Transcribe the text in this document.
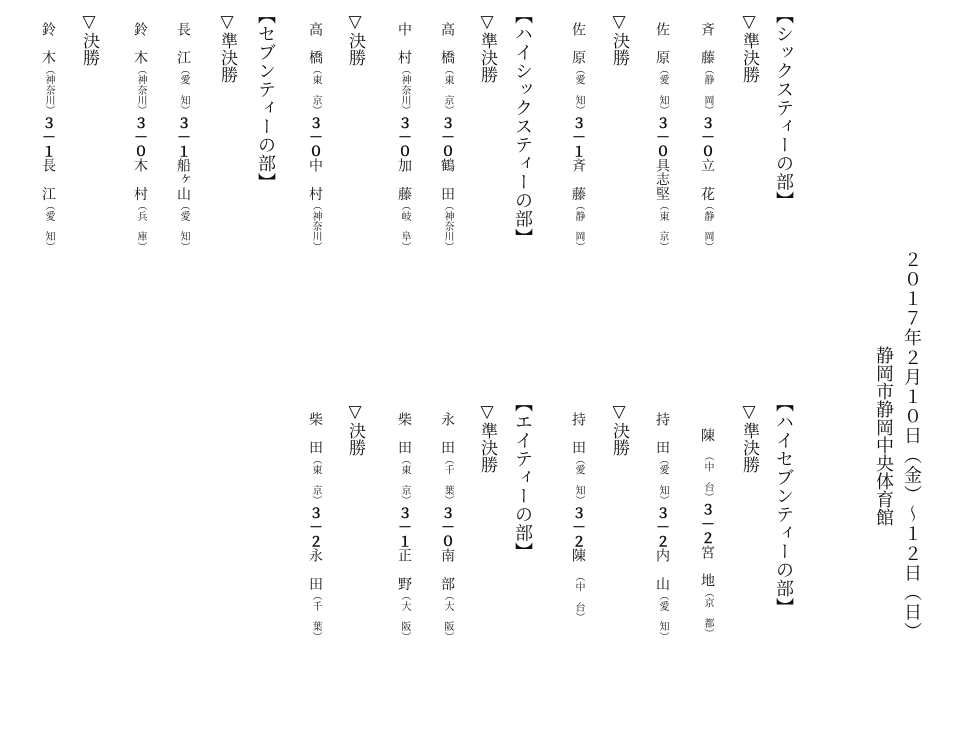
２０１７年２月１０日（金）～１２日（日）
静岡市静岡中央体育館
【シックスティーの部】
▽準決勝
斉　藤（静　岡）３－０立　花（静　岡）
▽決勝 佐　原（愛　知）３－０具志堅（東　京）
佐　原（愛　知）３－１斉　藤（静　岡）
【ハイシックスティーの部】
▽準決勝
高　橋（東　京）３－０鶴　田（神奈川）
中　村（神奈川）３－０加　藤（岐　阜）
▽決勝
高　橋（東　京）３－０中　村（神奈川）
【セブンティーの部】
▽準決勝
長　江（愛　知）３－１船ヶ山（愛　知）
鈴　木（神奈川）３－０木　村（兵　庫）
▽決勝
鈴　木（神奈川）３－１長　江（愛　知）
【ハイセブンティーの部】
▽準決勝
陳　（中　台）３－２宮　地（京　都）
持　田（愛　知）３－２内　山（愛　知）
▽決勝
持　田（愛　知）３－２陳　（中　台）
【エイティーの部】
▽準決勝
永　田（千　葉）３－０南　部（大　阪）
柴　田（東　京）３－１正　野（大　阪）
▽決勝
柴　田（東　京）３－２永　田（千　葉）
